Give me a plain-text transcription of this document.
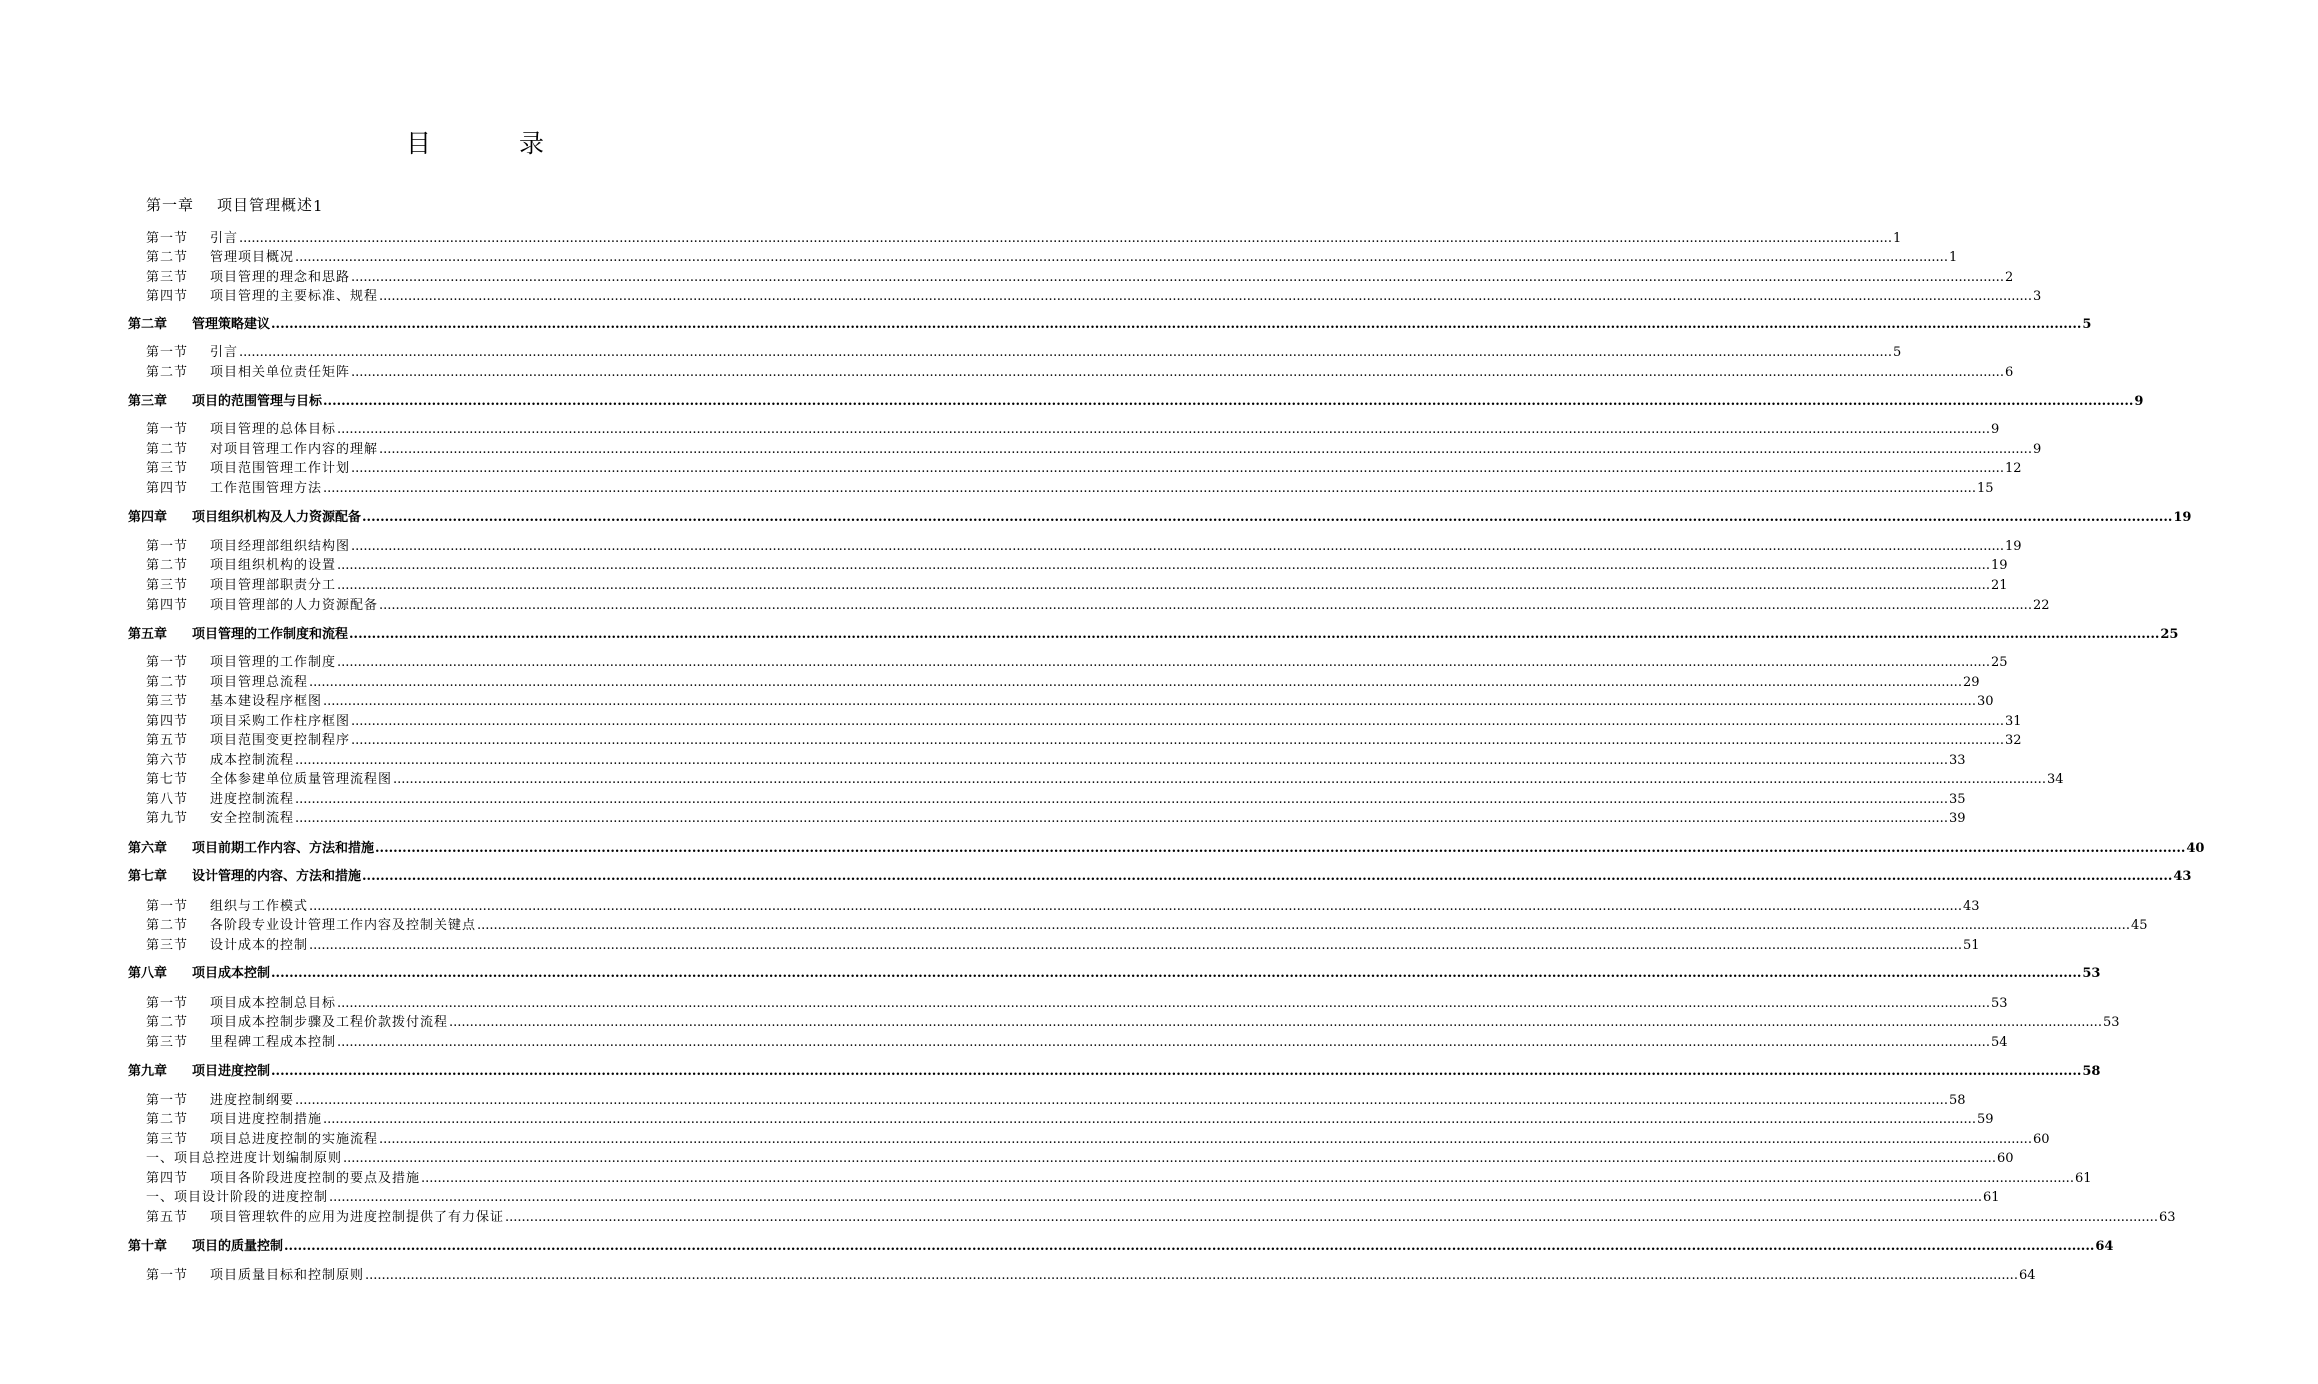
目 录
第一章	项目管理概述 1
第一节	引言 ................................................................................................................................................................................................................................................................................................................................................................................................................ 1
第二节	管理项目概况 ................................................................................................................................................................................................................................................................................................................................................................................................................ 1
第三节	项目管理的理念和思路 ................................................................................................................................................................................................................................................................................................................................................................................................................ 2
第四节	项目管理的主要标准、规程 ................................................................................................................................................................................................................................................................................................................................................................................................................ 3
第二章	管理策略建议 ................................................................................................................................................................................................................................................................................................................................................................................................................ 5
第一节	引言 ................................................................................................................................................................................................................................................................................................................................................................................................................ 5
第二节	项目相关单位责任矩阵 ................................................................................................................................................................................................................................................................................................................................................................................................................ 6
第三章	项目的范围管理与目标 ................................................................................................................................................................................................................................................................................................................................................................................................................ 9
第一节	项目管理的总体目标 ................................................................................................................................................................................................................................................................................................................................................................................................................ 9
第二节	对项目管理工作内容的理解 ................................................................................................................................................................................................................................................................................................................................................................................................................ 9
第三节	项目范围管理工作计划 ................................................................................................................................................................................................................................................................................................................................................................................................................ 12
第四节	工作范围管理方法 ................................................................................................................................................................................................................................................................................................................................................................................................................ 15
第四章	项目组织机构及人力资源配备 ................................................................................................................................................................................................................................................................................................................................................................................................................ 19
第一节	项目经理部组织结构图 ................................................................................................................................................................................................................................................................................................................................................................................................................ 19
第二节	项目组织机构的设置 ................................................................................................................................................................................................................................................................................................................................................................................................................ 19
第三节	项目管理部职责分工 ................................................................................................................................................................................................................................................................................................................................................................................................................ 21
第四节	项目管理部的人力资源配备 ................................................................................................................................................................................................................................................................................................................................................................................................................ 22
第五章	项目管理的工作制度和流程 ................................................................................................................................................................................................................................................................................................................................................................................................................ 25
第一节	项目管理的工作制度 ................................................................................................................................................................................................................................................................................................................................................................................................................ 25
第二节	项目管理总流程 ................................................................................................................................................................................................................................................................................................................................................................................................................ 29
第三节	基本建设程序框图 ................................................................................................................................................................................................................................................................................................................................................................................................................ 30
第四节	项目采购工作柱序框图 ................................................................................................................................................................................................................................................................................................................................................................................................................ 31
第五节	项目范围变更控制程序 ................................................................................................................................................................................................................................................................................................................................................................................................................ 32
第六节	成本控制流程 ................................................................................................................................................................................................................................................................................................................................................................................................................ 33
第七节	全体参建单位质量管理流程图 ................................................................................................................................................................................................................................................................................................................................................................................................................ 34
第八节	进度控制流程 ................................................................................................................................................................................................................................................................................................................................................................................................................ 35
第九节	安全控制流程 ................................................................................................................................................................................................................................................................................................................................................................................................................ 39
第六章	项目前期工作内容、方法和措施 ................................................................................................................................................................................................................................................................................................................................................................................................................ 40
第七章	设计管理的内容、方法和措施 ................................................................................................................................................................................................................................................................................................................................................................................................................ 43
第一节	组织与工作模式 ................................................................................................................................................................................................................................................................................................................................................................................................................ 43
第二节	各阶段专业设计管理工作内容及控制关键点 ................................................................................................................................................................................................................................................................................................................................................................................................................ 45
第三节	设计成本的控制 ................................................................................................................................................................................................................................................................................................................................................................................................................ 51
第八章	项目成本控制 ................................................................................................................................................................................................................................................................................................................................................................................................................ 53
第一节	项目成本控制总目标 ................................................................................................................................................................................................................................................................................................................................................................................................................ 53
第二节	项目成本控制步骤及工程价款拨付流程 ................................................................................................................................................................................................................................................................................................................................................................................................................ 53
第三节	里程碑工程成本控制 ................................................................................................................................................................................................................................................................................................................................................................................................................ 54
第九章	项目进度控制 ................................................................................................................................................................................................................................................................................................................................................................................................................ 58
第一节	进度控制纲要 ................................................................................................................................................................................................................................................................................................................................................................................................................ 58
第二节	项目进度控制措施 ................................................................................................................................................................................................................................................................................................................................................................................................................ 59
第三节	项目总进度控制的实施流程 ................................................................................................................................................................................................................................................................................................................................................................................................................ 60
一、项目总控进度计划编制原则 ................................................................................................................................................................................................................................................................................................................................................................................................................ 60
第四节	项目各阶段进度控制的要点及措施 ................................................................................................................................................................................................................................................................................................................................................................................................................ 61
一、项目设计阶段的进度控制 ................................................................................................................................................................................................................................................................................................................................................................................................................ 61
第五节	项目管理软件的应用为进度控制提供了有力保证 ................................................................................................................................................................................................................................................................................................................................................................................................................ 63
第十章	项目的质量控制 ................................................................................................................................................................................................................................................................................................................................................................................................................ 64
第一节	项目质量目标和控制原则 ................................................................................................................................................................................................................................................................................................................................................................................................................ 64
